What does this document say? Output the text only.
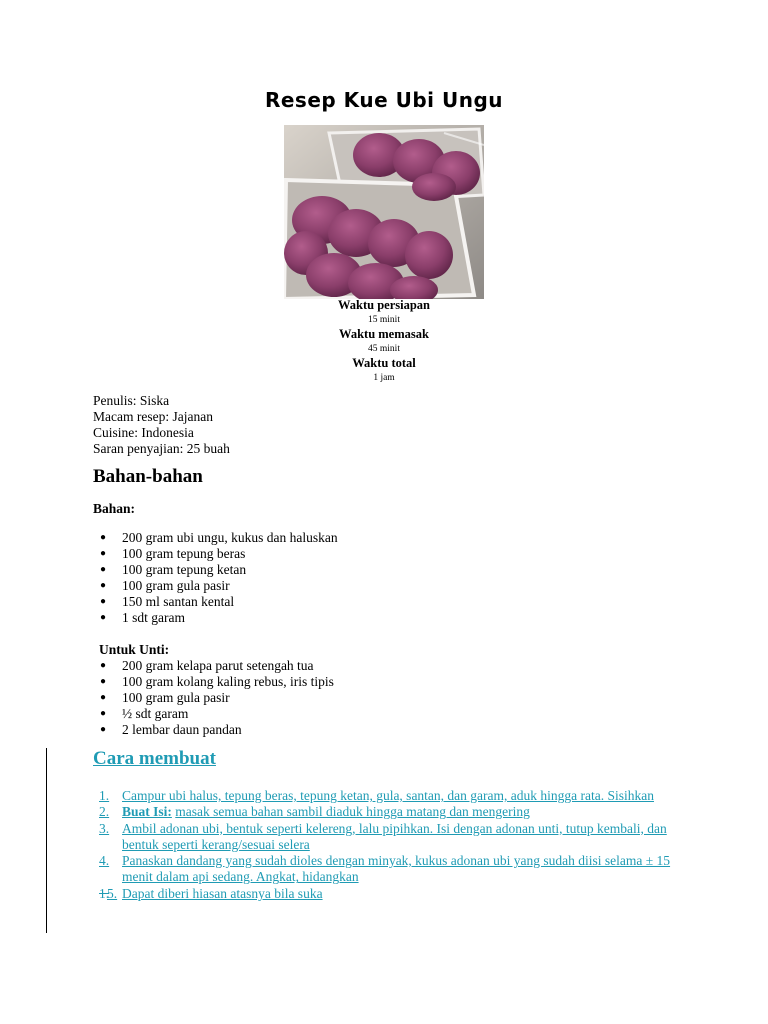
Resep Kue Ubi Ungu
Waktu persiapan
15 minit
Waktu memasak
45 minit
Waktu total
1 jam
Penulis: Siska
Macam resep: Jajanan
Cuisine: Indonesia
Saran penyajian: 25 buah
Bahan-bahan
Bahan:
● 200 gram ubi ungu, kukus dan haluskan
● 100 gram tepung beras
● 100 gram tepung ketan
● 100 gram gula pasir
● 150 ml santan kental
● 1 sdt garam
Untuk Unti:
● 200 gram kelapa parut setengah tua
● 100 gram kolang kaling rebus, iris tipis
● 100 gram gula pasir
● ½ sdt garam
● 2 lembar daun pandan
Cara membuat
1. Campur ubi halus, tepung beras, tepung ketan, gula, santan, dan garam, aduk hingga rata. Sisihkan
2. Buat Isi: masak semua bahan sambil diaduk hingga matang dan mengering
3. Ambil adonan ubi, bentuk seperti kelereng, lalu pipihkan. Isi dengan adonan unti, tutup kembali, dan bentuk seperti kerang/sesuai selera
4. Panaskan dandang yang sudah dioles dengan minyak, kukus adonan ubi yang sudah diisi selama ± 15 menit dalam api sedang. Angkat, hidangkan
1.
5. Dapat diberi hiasan atasnya bila suka
